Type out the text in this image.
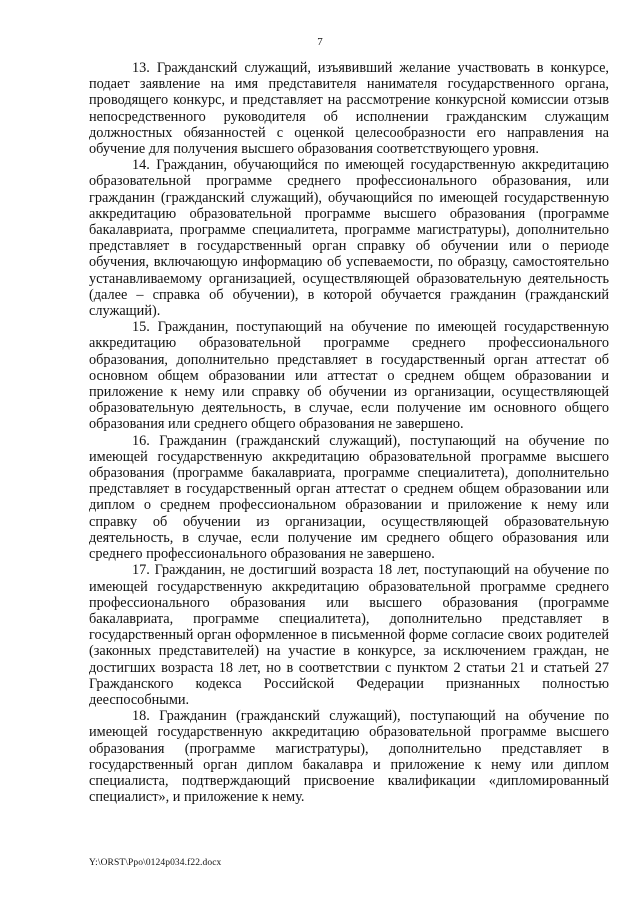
7

13. Гражданский служащий, изъявивший желание участвовать в конкурсе, подает заявление на имя представителя нанимателя государственного органа, проводящего конкурс, и представляет на рассмотрение конкурсной комиссии отзыв непосредственного руководителя об исполнении гражданским служащим должностных обязанностей с оценкой целесообразности его направления на обучение для получения высшего образования соответствующего уровня.

14. Гражданин, обучающийся по имеющей государственную аккредитацию образовательной программе среднего профессионального образования, или гражданин (гражданский служащий), обучающийся по имеющей государственную аккредитацию образовательной программе высшего образования (программе бакалавриата, программе специалитета, программе магистратуры), дополнительно представляет в государственный орган справку об обучении или о периоде обучения, включающую информацию об успеваемости, по образцу, самостоятельно устанавливаемому организацией, осуществляющей образовательную деятельность (далее – справка об обучении), в которой обучается гражданин (гражданский служащий).

15. Гражданин, поступающий на обучение по имеющей государственную аккредитацию образовательной программе среднего профессионального образования, дополнительно представляет в государственный орган аттестат об основном общем образовании или аттестат о среднем общем образовании и приложение к нему или справку об обучении из организации, осуществляющей образовательную деятельность, в случае, если получение им основного общего образования или среднего общего образования не завершено.

16. Гражданин (гражданский служащий), поступающий на обучение по имеющей государственную аккредитацию образовательной программе высшего образования (программе бакалавриата, программе специалитета), дополнительно представляет в государственный орган аттестат о среднем общем образовании или диплом о среднем профессиональном образовании и приложение к нему или справку об обучении из организации, осуществляющей образовательную деятельность, в случае, если получение им среднего общего образования или среднего профессионального образования не завершено.

17. Гражданин, не достигший возраста 18 лет, поступающий на обучение по имеющей государственную аккредитацию образовательной программе среднего профессионального образования или высшего образования (программе бакалавриата, программе специалитета), дополнительно представляет в государственный орган оформленное в письменной форме согласие своих родителей (законных представителей) на участие в конкурсе, за исключением граждан, не достигших возраста 18 лет, но в соответствии с пунктом 2 статьи 21 и статьей 27 Гражданского кодекса Российской Федерации признанных полностью дееспособными.

18. Гражданин (гражданский служащий), поступающий на обучение по имеющей государственную аккредитацию образовательной программе высшего образования (программе магистратуры), дополнительно представляет в государственный орган диплом бакалавра и приложение к нему или диплом специалиста, подтверждающий присвоение квалификации «дипломированный специалист», и приложение к нему.

Y:\ORST\Ppo\0124p034.f22.docx
